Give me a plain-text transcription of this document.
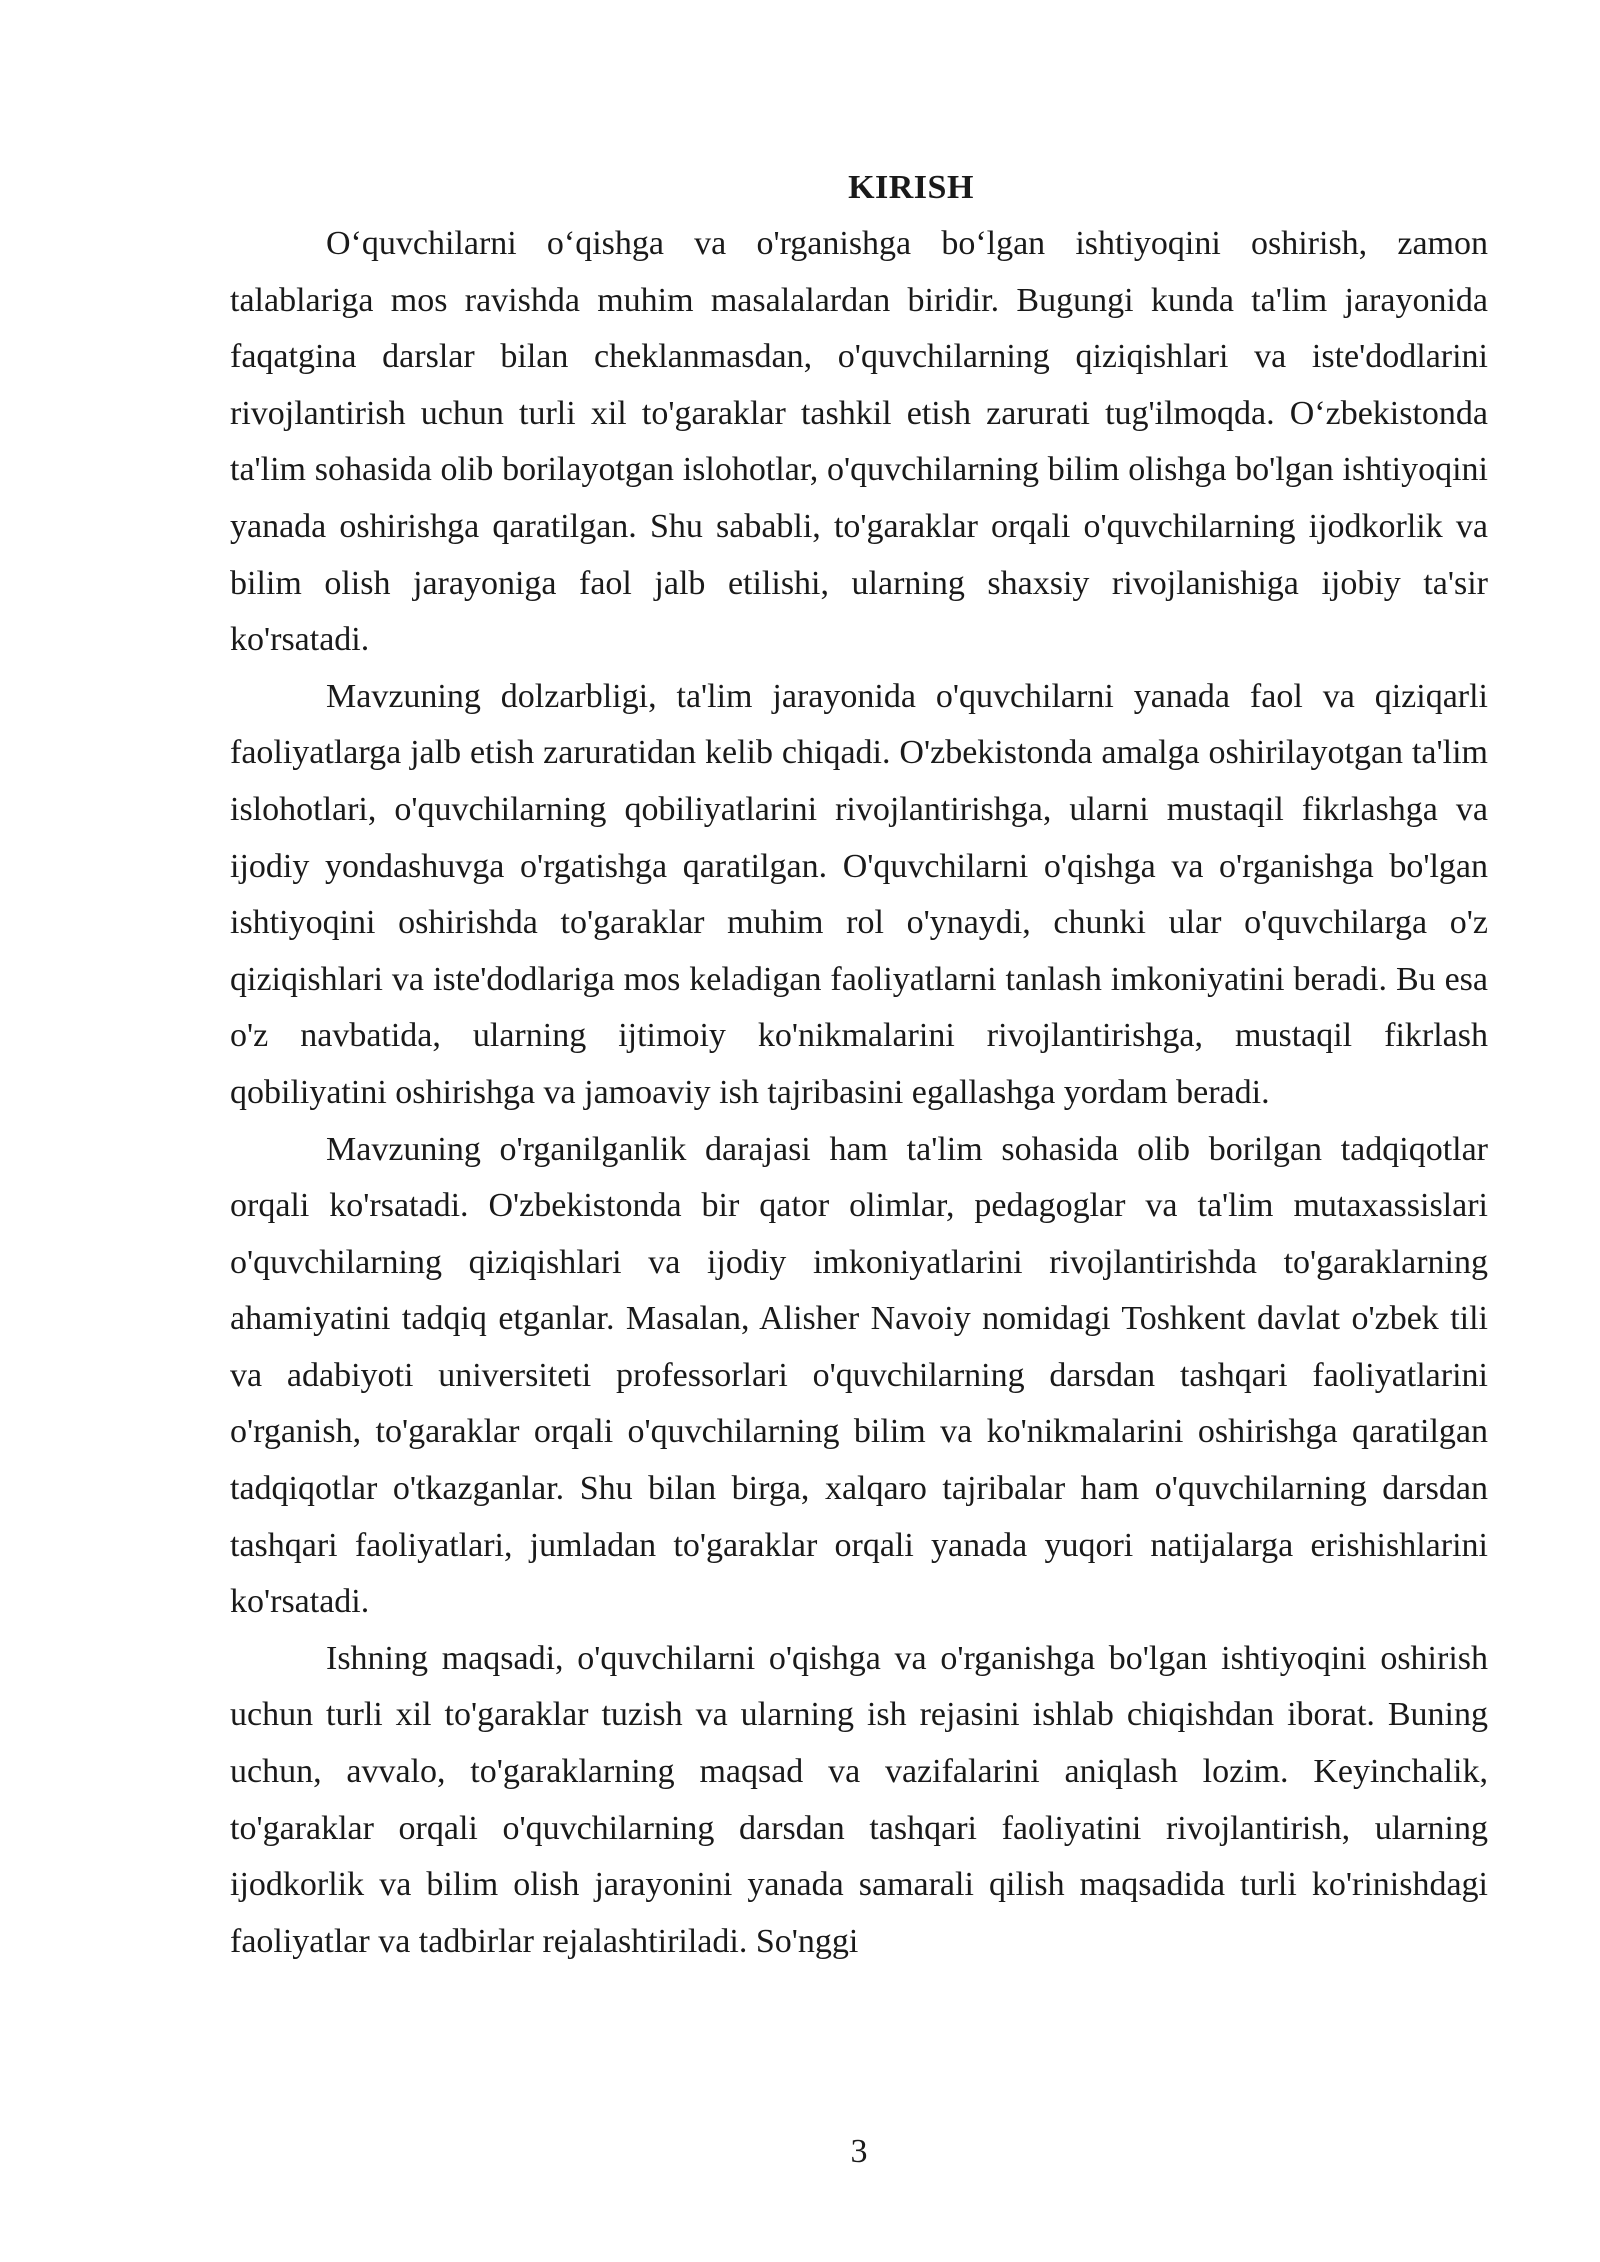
KIRISH

O‘quvchilarni o‘qishga va o'rganishga bo‘lgan ishtiyoqini oshirish, zamon talablariga mos ravishda muhim masalalardan biridir. Bugungi kunda ta'lim jarayonida faqatgina darslar bilan cheklanmasdan, o'quvchilarning qiziqishlari va iste'dodlarini rivojlantirish uchun turli xil to'garaklar tashkil etish zarurati tug'ilmoqda. O‘zbekistonda ta'lim sohasida olib borilayotgan islohotlar, o'quvchilarning bilim olishga bo'lgan ishtiyoqini yanada oshirishga qaratilgan. Shu sababli, to'garaklar orqali o'quvchilarning ijodkorlik va bilim olish jarayoniga faol jalb etilishi, ularning shaxsiy rivojlanishiga ijobiy ta'sir ko'rsatadi.

Mavzuning dolzarbligi, ta'lim jarayonida o'quvchilarni yanada faol va qiziqarli faoliyatlarga jalb etish zaruratidan kelib chiqadi. O'zbekistonda amalga oshirilayotgan ta'lim islohotlari, o'quvchilarning qobiliyatlarini rivojlantirishga, ularni mustaqil fikrlashga va ijodiy yondashuvga o'rgatishga qaratilgan. O'quvchilarni o'qishga va o'rganishga bo'lgan ishtiyoqini oshirishda to'garaklar muhim rol o'ynaydi, chunki ular o'quvchilarga o'z qiziqishlari va iste'dodlariga mos keladigan faoliyatlarni tanlash imkoniyatini beradi. Bu esa o'z navbatida, ularning ijtimoiy ko'nikmalarini rivojlantirishga, mustaqil fikrlash qobiliyatini oshirishga va jamoaviy ish tajribasini egallashga yordam beradi.

Mavzuning o'rganilganlik darajasi ham ta'lim sohasida olib borilgan tadqiqotlar orqali ko'rsatadi. O'zbekistonda bir qator olimlar, pedagoglar va ta'lim mutaxassislari o'quvchilarning qiziqishlari va ijodiy imkoniyatlarini rivojlantirishda to'garaklarning ahamiyatini tadqiq etganlar. Masalan, Alisher Navoiy nomidagi Toshkent davlat o'zbek tili va adabiyoti universiteti professorlari o'quvchilarning darsdan tashqari faoliyatlarini o'rganish, to'garaklar orqali o'quvchilarning bilim va ko'nikmalarini oshirishga qaratilgan tadqiqotlar o'tkazganlar. Shu bilan birga, xalqaro tajribalar ham o'quvchilarning darsdan tashqari faoliyatlari, jumladan to'garaklar orqali yanada yuqori natijalarga erishishlarini ko'rsatadi.

Ishning maqsadi, o'quvchilarni o'qishga va o'rganishga bo'lgan ishtiyoqini oshirish uchun turli xil to'garaklar tuzish va ularning ish rejasini ishlab chiqishdan iborat. Buning uchun, avvalo, to'garaklarning maqsad va vazifalarini aniqlash lozim. Keyinchalik, to'garaklar orqali o'quvchilarning darsdan tashqari faoliyatini rivojlantirish, ularning ijodkorlik va bilim olish jarayonini yanada samarali qilish maqsadida turli ko'rinishdagi faoliyatlar va tadbirlar rejalashtiriladi. So'nggi

3
